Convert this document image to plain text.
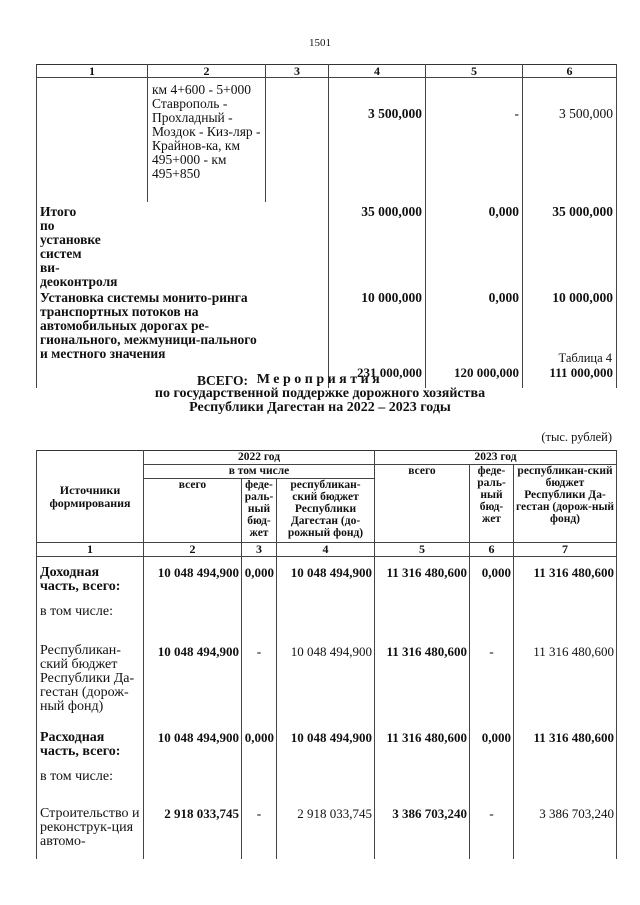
1501
1	2	3	4	5	6
	км 4+600 - 5+000 Ставрополь - Прохладный - Моздок - Киз-ляр - Крайнов-ка, км 495+000 - км 495+850		3 500,000	-	3 500,000
Итого по установке систем ви-деоконтроля			35 000,000	0,000	35 000,000
Установка системы монито-ринга транспортных потоков на автомобильных дорогах ре-гионального, межмуници-пального и местного значения			10 000,000	0,000	10 000,000
ВСЕГО:			231 000,000	120 000,000	111 000,000
Таблица 4
Мероприятия
по государственной поддержке дорожного хозяйства
Республики Дагестан на 2022 – 2023 годы
(тыс. рублей)
Источники формирования	2022 год			2023 год		
	в том числе			всего	феде-раль-ный бюд-жет	республикан-ский бюджет Республики Да-гестан (дорож-ный фонд)
	всего	феде-раль-ный бюд-жет	республикан-ский бюджет Республики Дагестан (до-рожный фонд)			
1	2	3	4	5	6	7
Доходная часть, всего:	10 048 494,900	0,000	10 048 494,900	11 316 480,600	0,000	11 316 480,600
в том числе:						
Республикан-ский бюджет Республики Да-гестан (дорож-ный фонд)	10 048 494,900	-	10 048 494,900	11 316 480,600	-	11 316 480,600
Расходная часть, всего:	10 048 494,900	0,000	10 048 494,900	11 316 480,600	0,000	11 316 480,600
в том числе:						
Строительство и реконструк-ция автомо-	2 918 033,745	-	2 918 033,745	3 386 703,240	-	3 386 703,240
